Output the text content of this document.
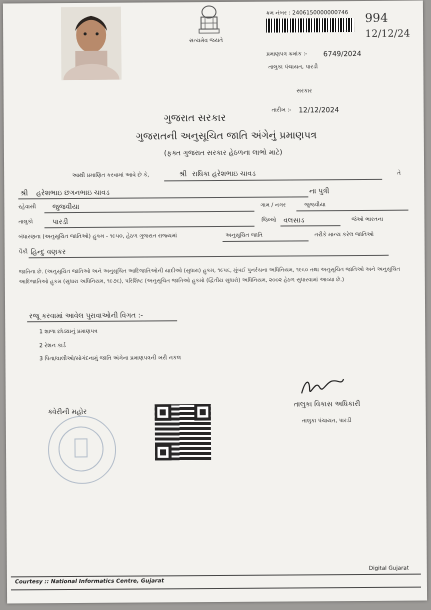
સત્યમેવ જયતે
ક્રમ નંબર : 2406150000000746 994
12/12/24
પ્રમાણપત્ર ક્રમાંક :- 6749/2024
તાલુકા પંચાયત, પારડી
સરકાર
તારીખ :- 12/12/2024
ગુજરાત સરકાર
ગુજરાતની અનુસૂચિત જાતિ અંગેનું પ્રમાણપત્ર
(ફક્ત ગુજરાત સરકાર હેઠળના લાભો માટે)
આથી પ્રમાણિત કરવામાં આવે છે કે,	શ્રી રાધિકા હરેશભાઇ ચાવડ	તે
શ્રી હરેશભાઇ છગનભાઇ ચાવડ	ના પુત્રી
રહેવાસી જુજવીયા	ગામ / નગર	જુજવીયા
તાલુકો	પારડી	જિલ્લો વલસાડ	જેઓ ભારતના
બંધારણના (અનુસૂચિત જાતિઓ) હુકમ - ૧૯૫૦, હેઠળ ગુજરાત રાજ્યમાં	અનુસૂચિત જાતિ	તરીકે માન્ય કરેલ જાતિઓ
પૈકી હિન્દુ વણકર
જાતિના છે. (અનુસૂચિત જાતિઓ અને અનુસૂચિત આદિજાતિઓની યાદીઓ (સુધારા) હુકમ, ૧૯૫૬, મુંબઈ પુનર્રચના અધિનિયમ, ૧૯૬૦ તથા અનુસૂચિત જાતિઓ અને અનુસૂચિત આદિજાતિઓ હુકમ (સુધારા અધિનિયમ, ૧૯૭૬), પરિશિષ્ટ (અનુસૂચિત જાતિઓ હુકમો (દ્વિતીય સુધારો) અધિનિયમ, ૨૦૦૨ હેઠળ સુધારવામાં આવ્યા છે.)
રજૂ કરવામાં આવેલ પુરાવાઓની વિગત :-
1 શાળા છોડ્યાનું પ્રમાણપત્ર
2 રેશન કાર્ડ
3 પિતા/વાલીઓ/સોગંદનામું જાતિ અંગેના પ્રમાણપત્રની ખરી નકલ
તાલુકા વિકાસ અધિકારી
તાલુકા પંચાયત, પારડી
ક્વેરીની મહોર
Courtesy :: National Informatics Centre, Gujarat
Digital Gujarat
